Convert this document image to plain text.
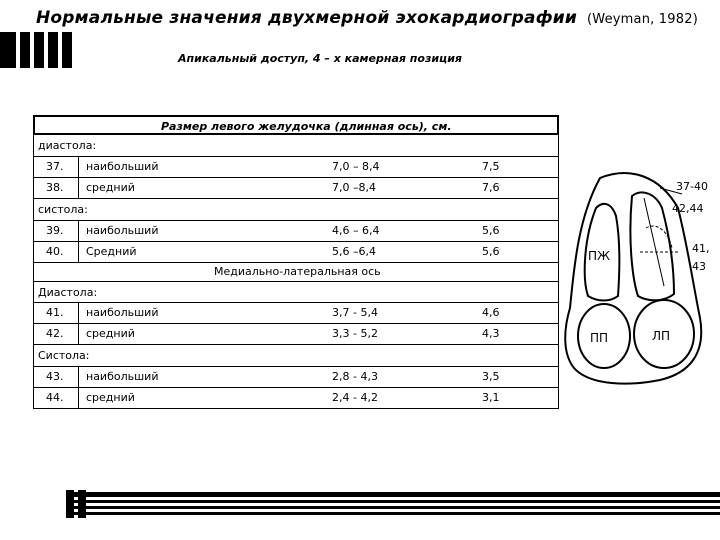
Нормальные значения двухмерной эхокардиографии (Weyman, 1982)
Апикальный доступ, 4 – х камерная позиция
Размер левого желудочка (длинная ось), см.
диастола:
37. наибольший	7,0 – 8,4	7,5
38. средний	7,0 –8,4	7,6
систола:
39. наибольший	4,6 – 6,4	5,6
40. Средний	5,6 –6,4	5,6
Медиально-латеральная ось
Диастола:
41. наибольший	3,7 - 5,4	4,6
42. средний	3,3 - 5,2	4,3
Систола:
43. наибольший	2,8 - 4,3	3,5
44. средний	2,4 - 4,2	3,1
ПЖ
ПП	ЛП
37-40
42,44
41,
43
